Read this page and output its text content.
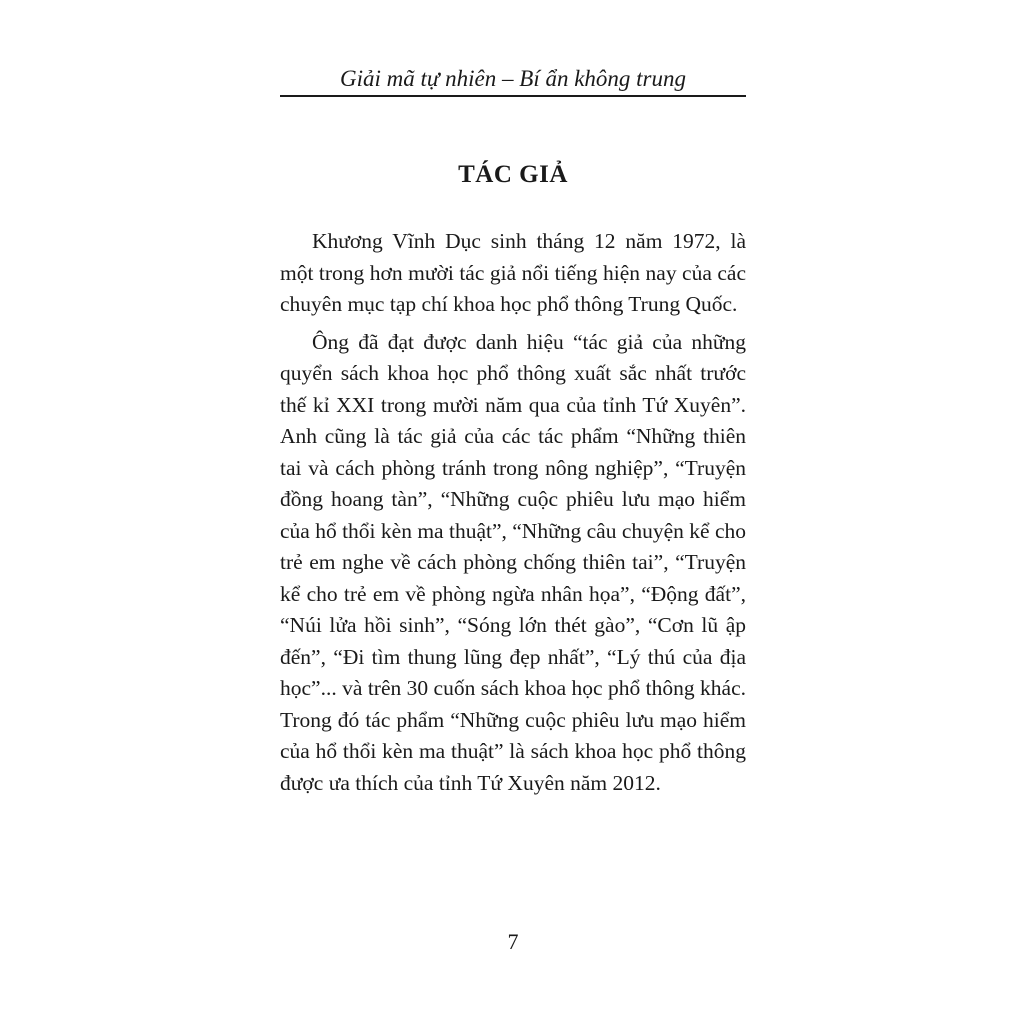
Giải mã tự nhiên – Bí ẩn không trung
TÁC GIẢ

Khương Vĩnh Dục sinh tháng 12 năm 1972, là một trong hơn mười tác giả nổi tiếng hiện nay của các chuyên mục tạp chí khoa học phổ thông Trung Quốc.

Ông đã đạt được danh hiệu “tác giả của những quyển sách khoa học phổ thông xuất sắc nhất trước thế kỉ XXI trong mười năm qua của tỉnh Tứ Xuyên”. Anh cũng là tác giả của các tác phẩm “Những thiên tai và cách phòng tránh trong nông nghiệp”, “Truyện đồng hoang tàn”, “Những cuộc phiêu lưu mạo hiểm của hổ thổi kèn ma thuật”, “Những câu chuyện kể cho trẻ em nghe về cách phòng chống thiên tai”, “Truyện kể cho trẻ em về phòng ngừa nhân họa”, “Động đất”, “Núi lửa hồi sinh”, “Sóng lớn thét gào”, “Cơn lũ ập đến”, “Đi tìm thung lũng đẹp nhất”, “Lý thú của địa học”... và trên 30 cuốn sách khoa học phổ thông khác. Trong đó tác phẩm “Những cuộc phiêu lưu mạo hiểm của hổ thổi kèn ma thuật” là sách khoa học phổ thông được ưa thích của tỉnh Tứ Xuyên năm 2012.

7
